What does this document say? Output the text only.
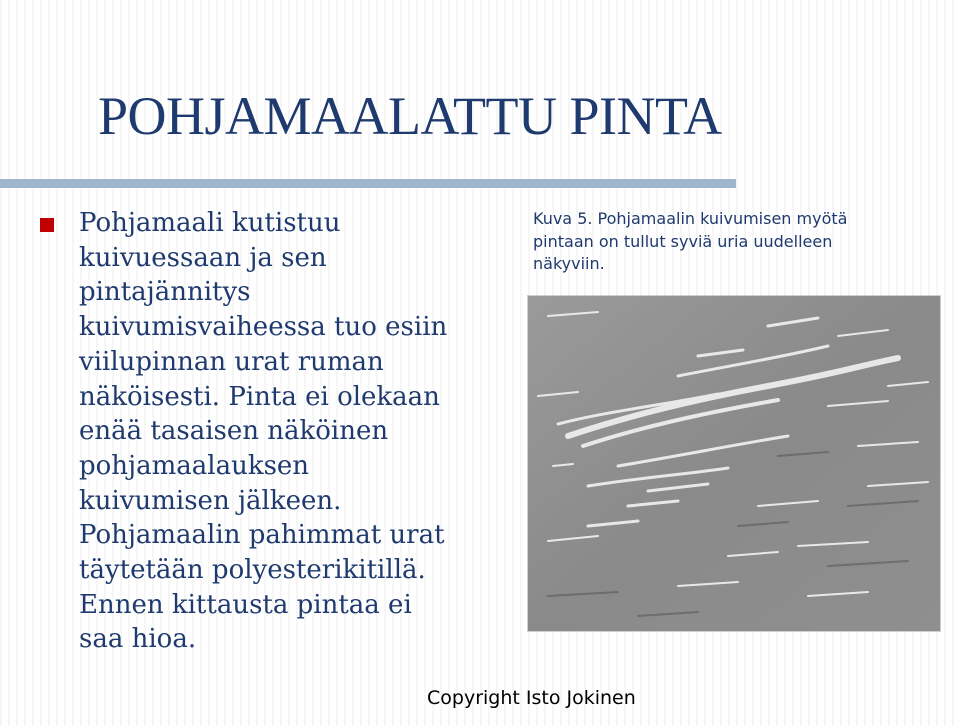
POHJAMAALATTU PINTA
Pohjamaali kutistuu
kuivuessaan ja sen
pintajännitys
kuivumisvaiheessa tuo esiin
viilupinnan urat ruman
näköisesti. Pinta ei olekaan
enää tasaisen näköinen
pohjamaalauksen
kuivumisen jälkeen.
Pohjamaalin pahimmat urat
täytetään polyesterikitillä.
Ennen kittausta pintaa ei
saa hioa.
Kuva 5. Pohjamaalin kuivumisen myötä
pintaan on tullut syviä uria uudelleen
näkyviin.
Copyright Isto Jokinen
